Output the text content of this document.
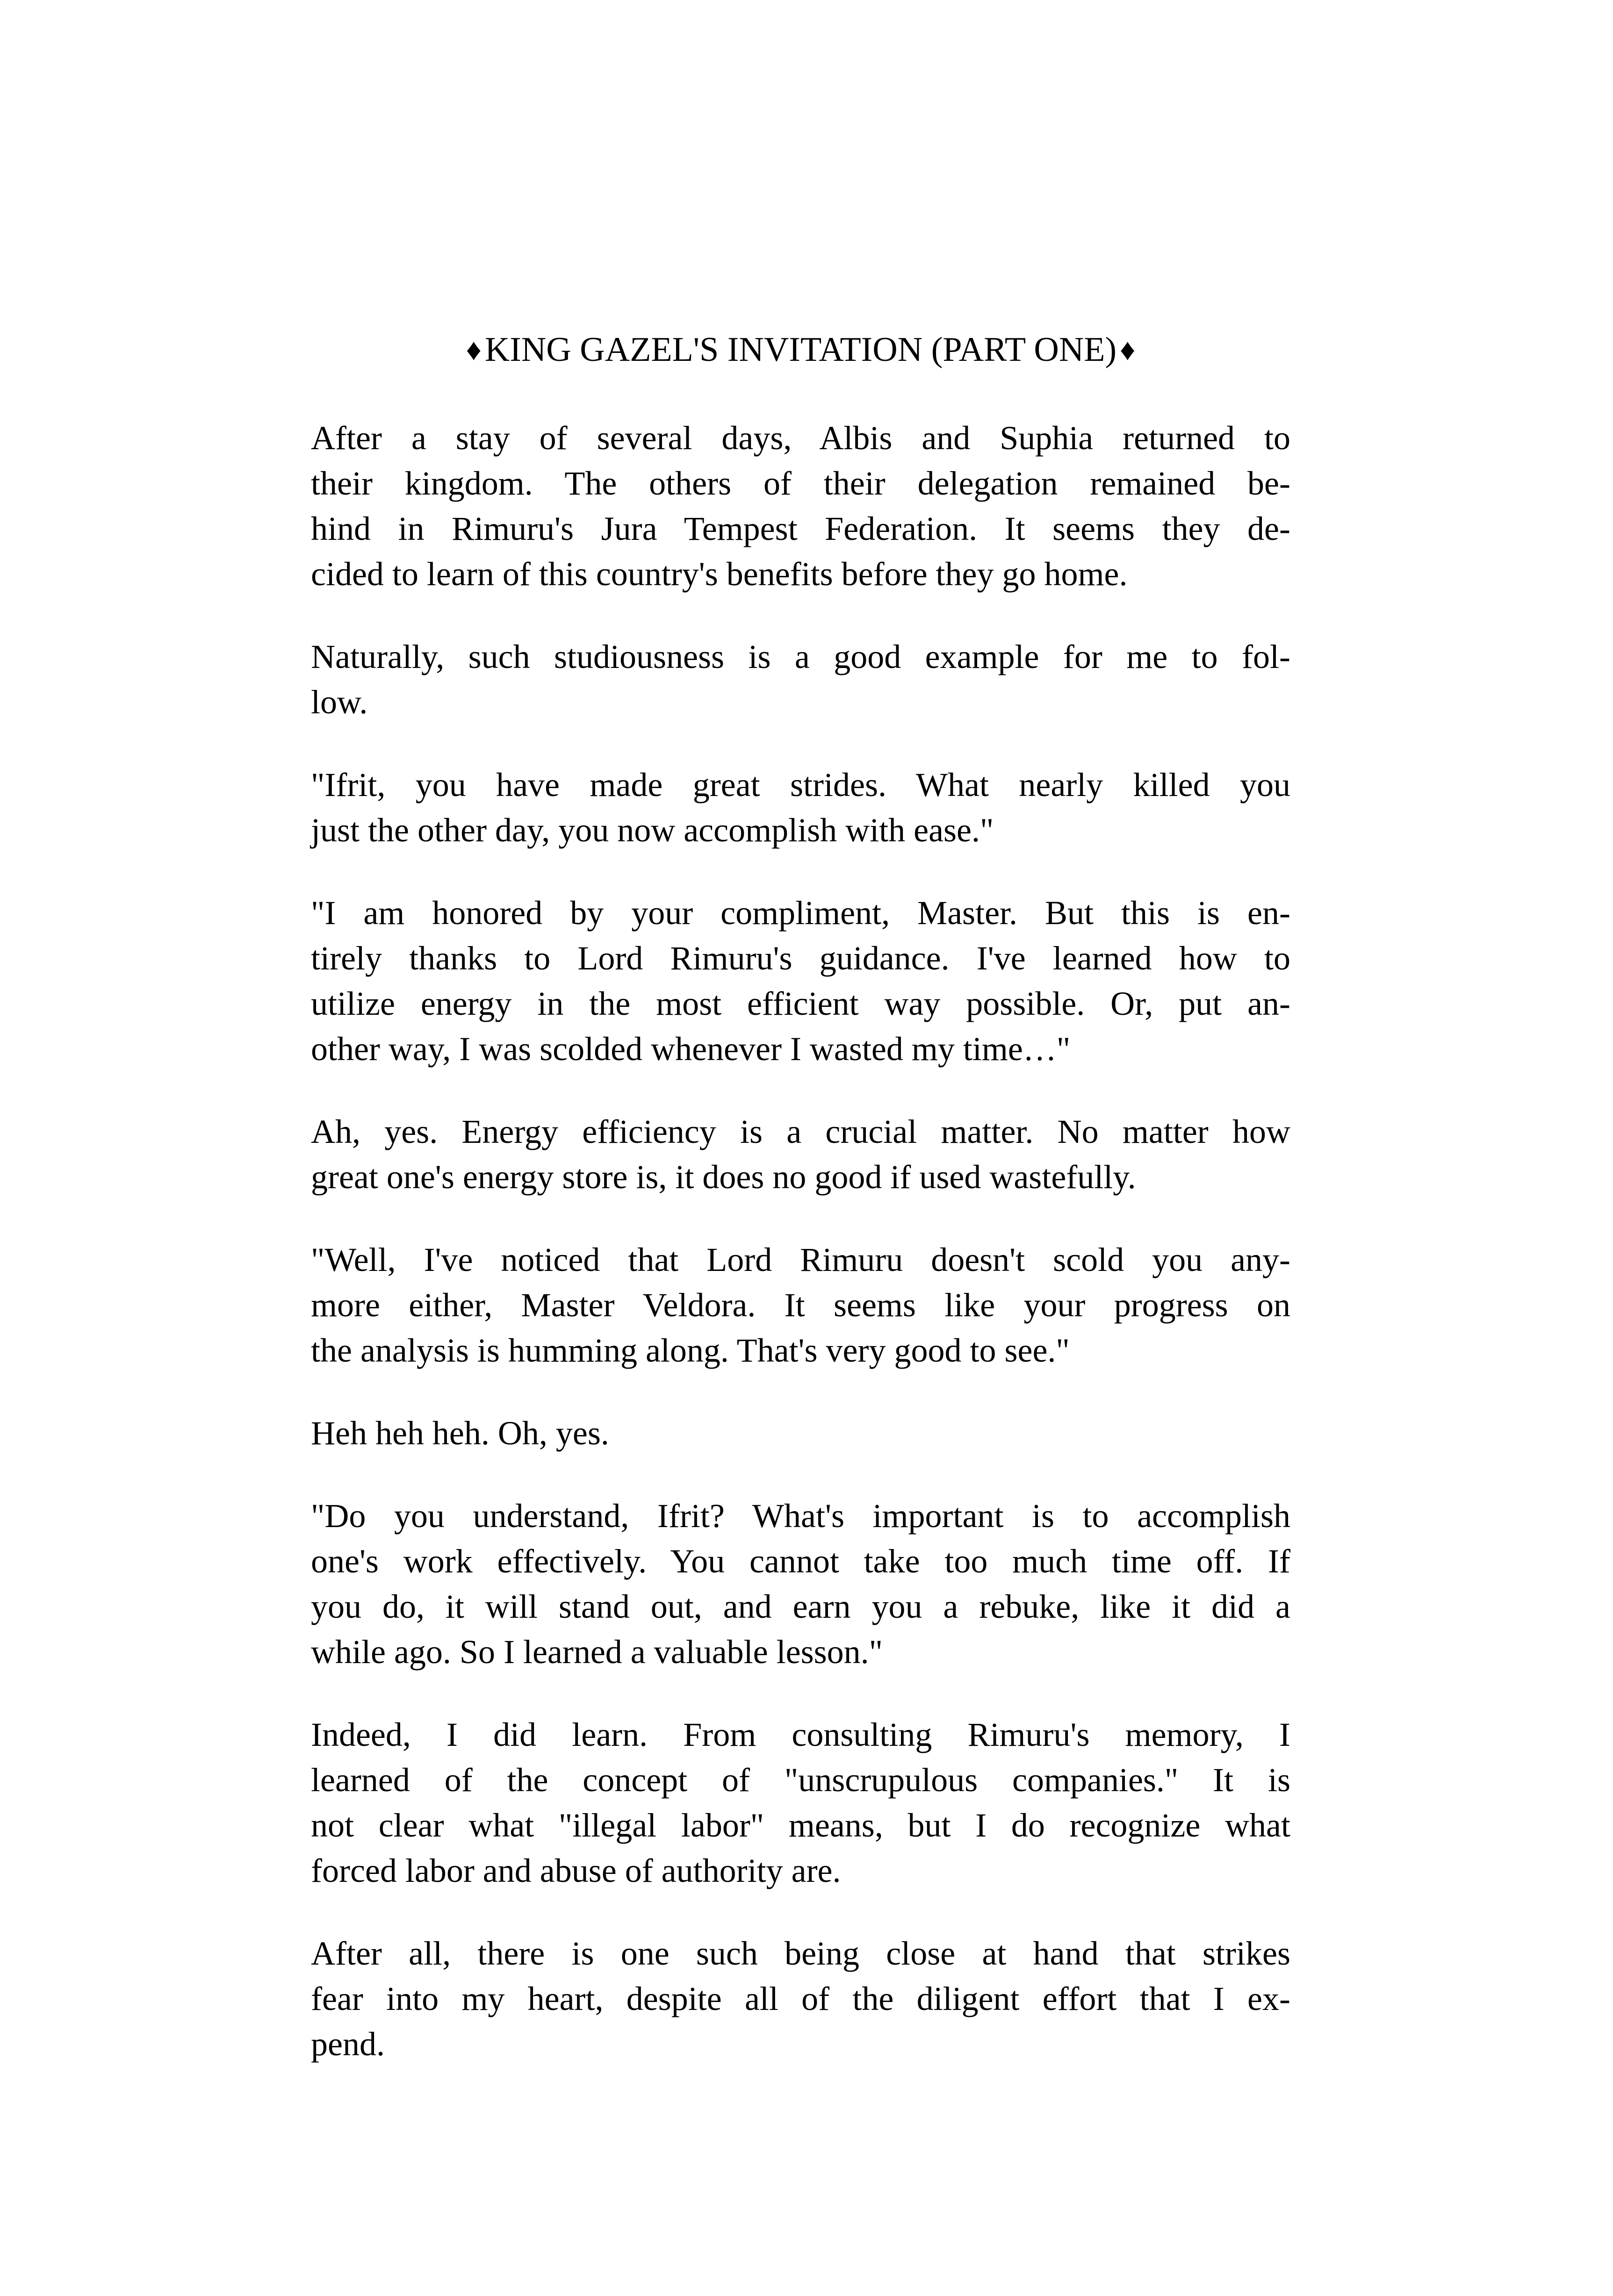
♦KING GAZEL'S INVITATION (PART ONE) ♦

After a stay of several days, Albis and Suphia returned to
their kingdom. The others of their delegation remained be-
hind in Rimuru's Jura Tempest Federation. It seems they de-
cided to learn of this country's benefits before they go home.

Naturally, such studiousness is a good example for me to fol-
low.

"Ifrit, you have made great strides. What nearly killed you
just the other day, you now accomplish with ease."

"I am honored by your compliment, Master. But this is en-
tirely thanks to Lord Rimuru's guidance. I've learned how to
utilize energy in the most efficient way possible. Or, put an-
other way, I was scolded whenever I wasted my time…"

Ah, yes. Energy efficiency is a crucial matter. No matter how
great one's energy store is, it does no good if used wastefully.

"Well, I've noticed that Lord Rimuru doesn't scold you any-
more either, Master Veldora. It seems like your progress on
the analysis is humming along. That's very good to see."

Heh heh heh. Oh, yes.

"Do you understand, Ifrit? What's important is to accomplish
one's work effectively. You cannot take too much time off. If
you do, it will stand out, and earn you a rebuke, like it did a
while ago. So I learned a valuable lesson."

Indeed, I did learn. From consulting Rimuru's memory, I
learned of the concept of "unscrupulous companies." It is
not clear what "illegal labor" means, but I do recognize what
forced labor and abuse of authority are.

After all, there is one such being close at hand that strikes
fear into my heart, despite all of the diligent effort that I ex-
pend.
